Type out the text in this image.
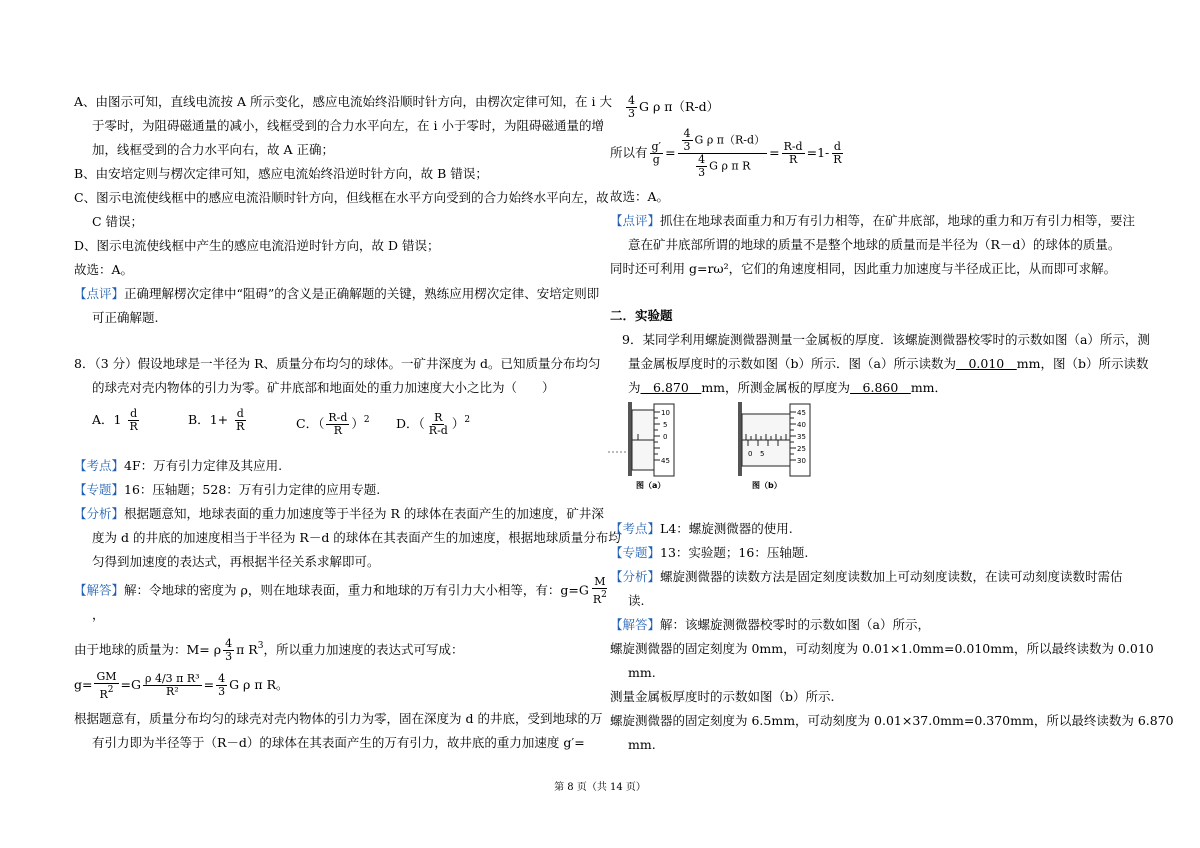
A、由图示可知，直线电流按 A 所示变化，感应电流始终沿顺时针方向，由楞次定律可知，在 i 大
于零时，为阻碍磁通量的减小，线框受到的合力水平向左，在 i 小于零时，为阻碍磁通量的增
加，线框受到的合力水平向右，故 A 正确；
B、由安培定则与楞次定律可知，感应电流始终沿逆时针方向，故 B 错误；
C、图示电流使线框中的感应电流沿顺时针方向，但线框在水平方向受到的合力始终水平向左，故
C 错误；
D、图示电流使线框中产生的感应电流沿逆时针方向，故 D 错误；
故选：A。
【点评】正确理解楞次定律中“阻碍”的含义是正确解题的关键，熟练应用楞次定律、安培定则即
可正确解题.
8．（3 分）假设地球是一半径为 R、质量分布均匀的球体。一矿井深度为 d。已知质量分布均匀
的球壳对壳内物体的引力为零。矿井底部和地面处的重力加速度大小之比为（　　）
A．$1 \frac{d}{R}$	B．$1+ \frac{d}{R}$	C．（ $\frac{R-d}{R} )^2$ D．（ $\frac{R}{R-d} )^2$
【考点】4F：万有引力定律及其应用.
【专题】16：压轴题；528：万有引力定律的应用专题.
【分析】根据题意知，地球表面的重力加速度等于半径为 R 的球体在表面产生的加速度，矿井深
度为 d 的井底的加速度相当于半径为 R－d 的球体在其表面产生的加速度，根据地球质量分布均
匀得到加速度的表达式，再根据半径关系求解即可。
【解答】解：令地球的密度为 ρ，则在地球表面，重力和地球的万有引力大小相等，有：$g=G \frac{M}{R^2}$
，
由于地球的质量为：M= ρ $\frac{4}{3}$ π $R^3$，所以重力加速度的表达式可写成：
$g= \frac{GM}{R^2} =G \frac{\text{ρ 4/3 π R³}}{\text{R²}} = \frac{4}{3}$ G ρ π R。
根据题意有，质量分布均匀的球壳对壳内物体的引力为零，固在深度为 d 的井底，受到地球的万
有引力即为半径等于（R－d）的球体在其表面产生的万有引力，故井底的重力加速度 g′=
$\frac{4}{3}$ G ρ π（R-d）
所以有 $\frac{g'}{g} = \frac{\frac{4}{3} G \rho \pi(R-d)}{\frac{4}{3} G \rho \pi R} = \frac{R-d}{R} =1- \frac{d}{R}$
故选：A。
【点评】抓住在地球表面重力和万有引力相等，在矿井底部，地球的重力和万有引力相等，要注
意在矿井底部所谓的地球的质量不是整个地球的质量而是半径为（R－d）的球体的质量。
同时还可利用 g=rω²，它们的角速度相同，因此重力加速度与半径成正比，从而即可求解。
二．实验题
9．某同学利用螺旋测微器测量一金属板的厚度．该螺旋测微器校零时的示数如图（a）所示，测
量金属板厚度时的示数如图（b）所示．图（a）所示读数为　0.010　mm，图（b）所示读数
为　6.870　mm，所测金属板的厚度为　6.860　mm．
10
5
0
45
图（a）
0 5
45
40
35
25
30
图（b）
【考点】L4：螺旋测微器的使用.
【专题】13：实验题；16：压轴题.
【分析】螺旋测微器的读数方法是固定刻度读数加上可动刻度读数，在读可动刻度读数时需估
读.
【解答】解：该螺旋测微器校零时的示数如图（a）所示，
螺旋测微器的固定刻度为 0mm，可动刻度为 0.01×1.0mm=0.010mm，所以最终读数为 0.010
mm.
测量金属板厚度时的示数如图（b）所示.
螺旋测微器的固定刻度为 6.5mm，可动刻度为 0.01×37.0mm=0.370mm，所以最终读数为 6.870
mm.
第 8 页（共 14 页）
